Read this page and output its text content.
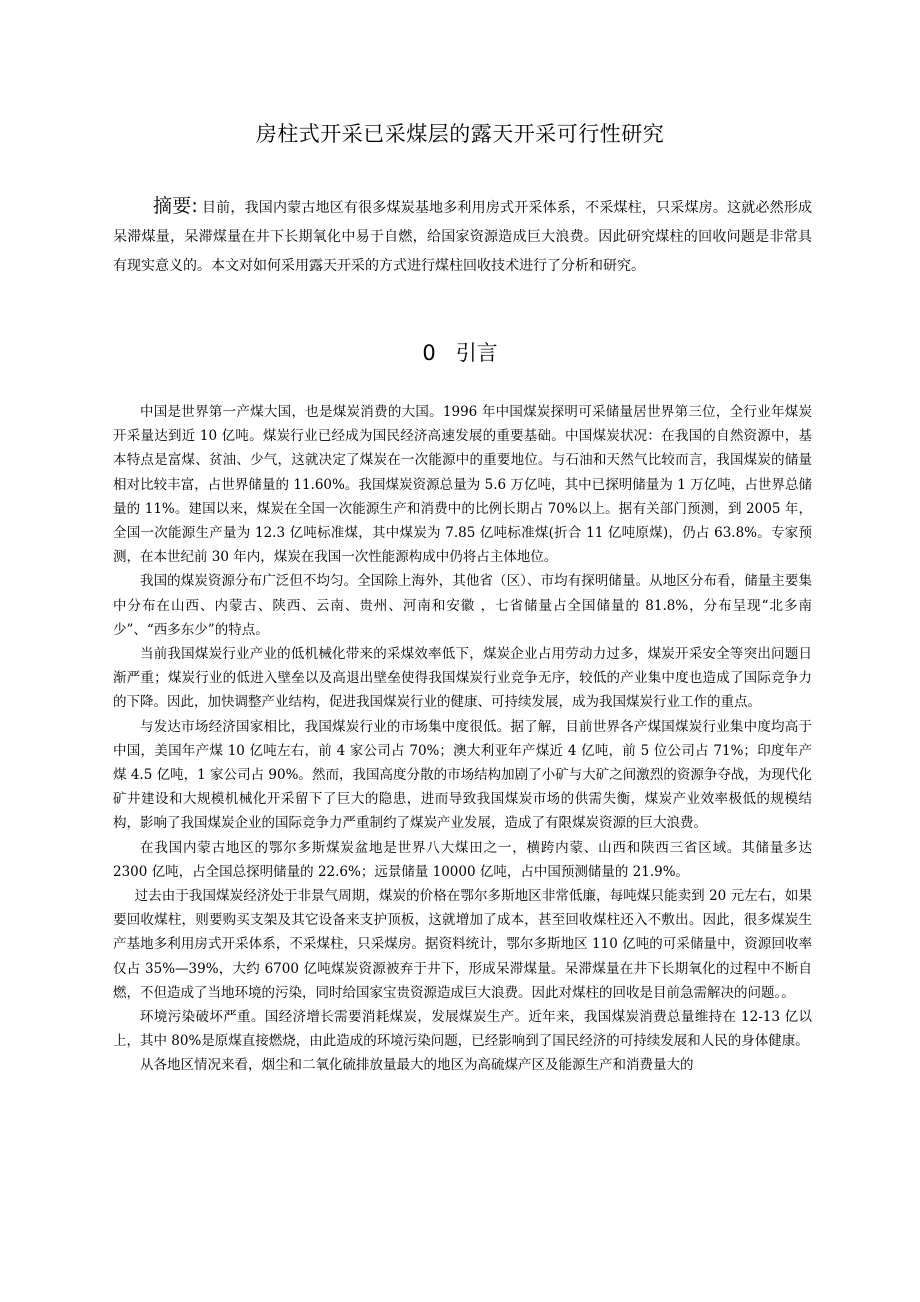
房柱式开采已采煤层的露天开采可行性研究
摘要: 目前，我国内蒙古地区有很多煤炭基地多利用房式开采体系，不采煤柱，只采煤房。这就必然形成呆滞煤量，呆滞煤量在井下长期氧化中易于自燃，给国家资源造成巨大浪费。因此研究煤柱的回收问题是非常具有现实意义的。本文对如何采用露天开采的方式进行煤柱回收技术进行了分析和研究。
0 引言

中国是世界第一产煤大国，也是煤炭消费的大国。1996 年中国煤炭探明可采储量居世界第三位，全行业年煤炭开采量达到近 10 亿吨。煤炭行业已经成为国民经济高速发展的重要基础。中国煤炭状况：在我国的自然资源中，基本特点是富煤、贫油、少气，这就决定了煤炭在一次能源中的重要地位。与石油和天然气比较而言，我国煤炭的储量相对比较丰富，占世界储量的 11.60%。我国煤炭资源总量为 5.6 万亿吨，其中已探明储量为 1 万亿吨，占世界总储量的 11%。建国以来，煤炭在全国一次能源生产和消费中的比例长期占 70%以上。据有关部门预测，到 2005 年，全国一次能源生产量为 12.3 亿吨标准煤，其中煤炭为 7.85 亿吨标准煤(折合 11 亿吨原煤)，仍占 63.8%。专家预测，在本世纪前 30 年内，煤炭在我国一次性能源构成中仍将占主体地位。

我国的煤炭资源分布广泛但不均匀。全国除上海外，其他省（区）、市均有探明储量。从地区分布看，储量主要集中分布在山西、内蒙古、陕西、云南、贵州、河南和安徽 ，七省储量占全国储量的 81.8%，分布呈现“北多南少”、“西多东少”的特点。

当前我国煤炭行业产业的低机械化带来的采煤效率低下，煤炭企业占用劳动力过多，煤炭开采安全等突出问题日渐严重；煤炭行业的低进入壁垒以及高退出壁垒使得我国煤炭行业竞争无序，较低的产业集中度也造成了国际竞争力的下降。因此，加快调整产业结构，促进我国煤炭行业的健康、可持续发展，成为我国煤炭行业工作的重点。

与发达市场经济国家相比，我国煤炭行业的市场集中度很低。据了解，目前世界各产煤国煤炭行业集中度均高于中国，美国年产煤 10 亿吨左右，前 4 家公司占 70%；澳大利亚年产煤近 4 亿吨，前 5 位公司占 71%；印度年产煤 4.5 亿吨，1 家公司占 90%。然而，我国高度分散的市场结构加剧了小矿与大矿之间激烈的资源争夺战，为现代化矿井建设和大规模机械化开采留下了巨大的隐患，进而导致我国煤炭市场的供需失衡，煤炭产业效率极低的规模结构，影响了我国煤炭企业的国际竞争力严重制约了煤炭产业发展，造成了有限煤炭资源的巨大浪费。

在我国内蒙古地区的鄂尔多斯煤炭盆地是世界八大煤田之一，横跨内蒙、山西和陕西三省区域。其储量多达 2300 亿吨，占全国总探明储量的 22.6%；远景储量 10000 亿吨，占中国预测储量的 21.9%。

过去由于我国煤炭经济处于非景气周期，煤炭的价格在鄂尔多斯地区非常低廉，每吨煤只能卖到 20 元左右，如果要回收煤柱，则要购买支架及其它设备来支护顶板，这就增加了成本，甚至回收煤柱还入不敷出。因此，很多煤炭生产基地多利用房式开采体系，不采煤柱，只采煤房。据资料统计，鄂尔多斯地区 110 亿吨的可采储量中，资源回收率仅占 35%—39%，大约 6700 亿吨煤炭资源被弃于井下，形成呆滞煤量。呆滞煤量在井下长期氧化的过程中不断自燃，不但造成了当地环境的污染，同时给国家宝贵资源造成巨大浪费。因此对煤柱的回收是目前急需解决的问题。。

环境污染破坏严重。国经济增长需要消耗煤炭，发展煤炭生产。近年来，我国煤炭消费总量维持在 12-13 亿以上，其中 80%是原煤直接燃烧，由此造成的环境污染问题，已经影响到了国民经济的可持续发展和人民的身体健康。

从各地区情况来看，烟尘和二氧化硫排放量最大的地区为高硫煤产区及能源生产和消费量大的
